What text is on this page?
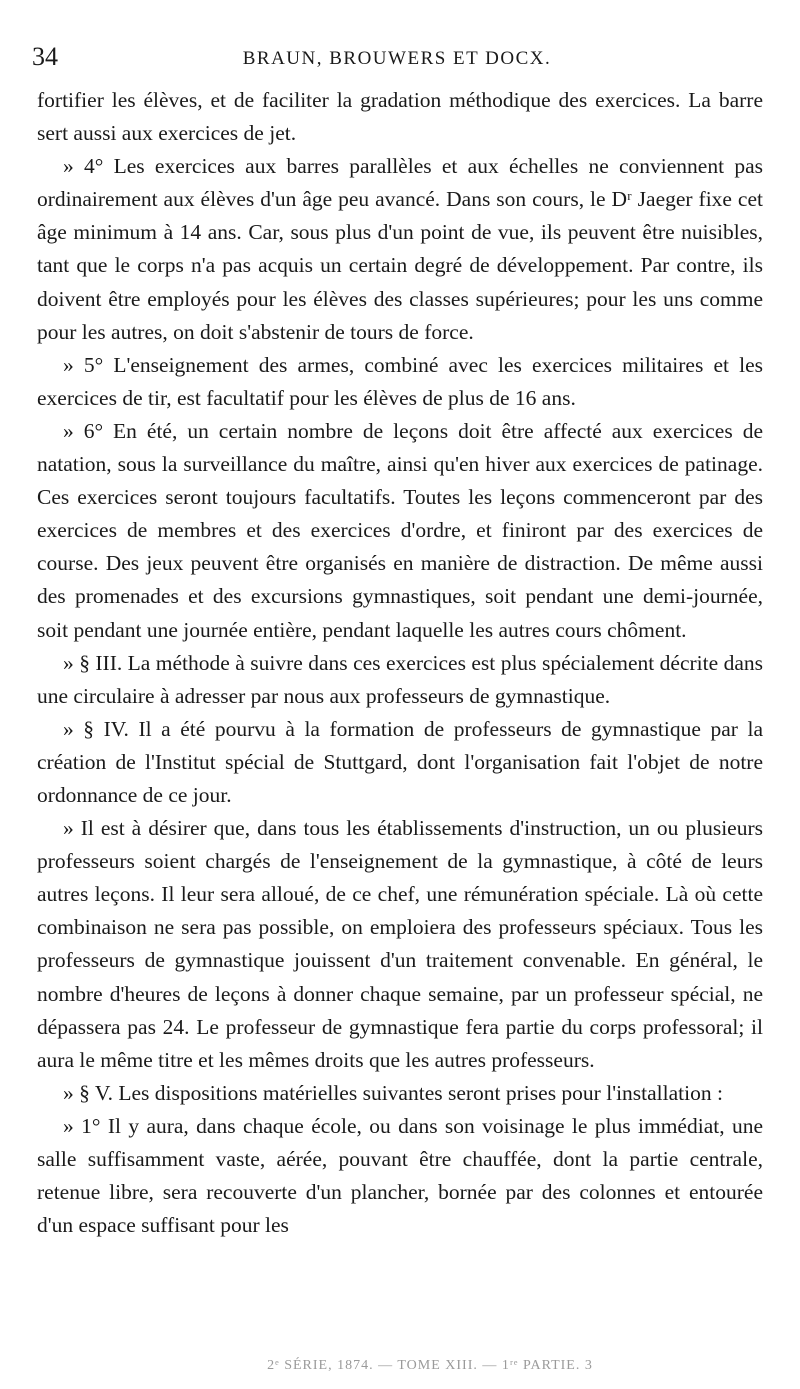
34	BRAUN, BROUWERS ET DOCX.

fortifier les élèves, et de faciliter la gradation méthodique des exercices. La barre sert aussi aux exercices de jet.

» 4° Les exercices aux barres parallèles et aux échelles ne conviennent pas ordinairement aux élèves d'un âge peu avancé. Dans son cours, le Dʳ Jaeger fixe cet âge minimum à 14 ans. Car, sous plus d'un point de vue, ils peuvent être nuisibles, tant que le corps n'a pas acquis un certain degré de développement. Par contre, ils doivent être employés pour les élèves des classes supérieures; pour les uns comme pour les autres, on doit s'abstenir de tours de force.

» 5° L'enseignement des armes, combiné avec les exercices militaires et les exercices de tir, est facultatif pour les élèves de plus de 16 ans.

» 6° En été, un certain nombre de leçons doit être affecté aux exercices de natation, sous la surveillance du maître, ainsi qu'en hiver aux exercices de patinage. Ces exercices seront toujours facultatifs. Toutes les leçons commenceront par des exercices de membres et des exercices d'ordre, et finiront par des exercices de course. Des jeux peuvent être organisés en manière de distraction. De même aussi des promenades et des excursions gymnastiques, soit pendant une demi-journée, soit pendant une journée entière, pendant laquelle les autres cours chôment.

» § III. La méthode à suivre dans ces exercices est plus spécialement décrite dans une circulaire à adresser par nous aux professeurs de gymnastique.

» § IV. Il a été pourvu à la formation de professeurs de gymnastique par la création de l'Institut spécial de Stuttgard, dont l'organisation fait l'objet de notre ordonnance de ce jour.

» Il est à désirer que, dans tous les établissements d'instruction, un ou plusieurs professeurs soient chargés de l'enseignement de la gymnastique, à côté de leurs autres leçons. Il leur sera alloué, de ce chef, une rémunération spéciale. Là où cette combinaison ne sera pas possible, on emploiera des professeurs spéciaux. Tous les professeurs de gymnastique jouissent d'un traitement convenable. En général, le nombre d'heures de leçons à donner chaque semaine, par un professeur spécial, ne dépassera pas 24. Le professeur de gymnastique fera partie du corps professoral; il aura le même titre et les mêmes droits que les autres professeurs.

» § V. Les dispositions matérielles suivantes seront prises pour l'installation :

» 1° Il y aura, dans chaque école, ou dans son voisinage le plus immédiat, une salle suffisamment vaste, aérée, pouvant être chauffée, dont la partie centrale, retenue libre, sera recouverte d'un plancher, bornée par des colonnes et entourée d'un espace suffisant pour les

2ᵉ SÉRIE, 1874. — TOME XIII. — 1ʳᵉ PARTIE. 3
